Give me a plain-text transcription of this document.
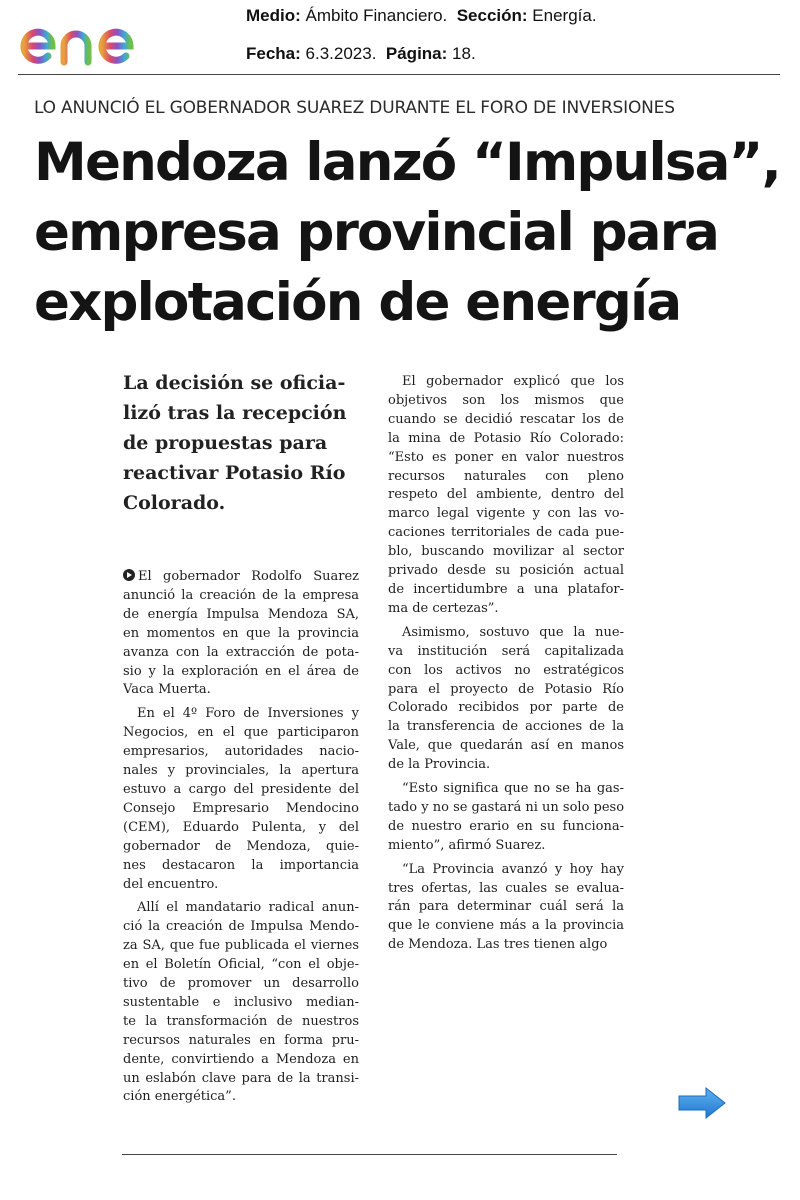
Medio: Ámbito Financiero. Sección: Energía.
Fecha: 6.3.2023. Página: 18.
LO ANUNCIÓ EL GOBERNADOR SUAREZ DURANTE EL FORO DE INVERSIONES
Mendoza lanzó “Impulsa”,
empresa provincial para
explotación de energía
La decisión se oficia-
lizó tras la recepción
de propuestas para
reactivar Potasio Río
Colorado.
El gobernador Rodolfo Suarez
anunció la creación de la empresa
de energía Impulsa Mendoza SA,
en momentos en que la provincia
avanza con la extracción de pota-
sio y la exploración en el área de
Vaca Muerta.
En el 4º Foro de Inversiones y
Negocios, en el que participaron
empresarios, autoridades nacio-
nales y provinciales, la apertura
estuvo a cargo del presidente del
Consejo Empresario Mendocino
(CEM), Eduardo Pulenta, y del
gobernador de Mendoza, quie-
nes destacaron la importancia
del encuentro.
Allí el mandatario radical anun-
ció la creación de Impulsa Mendo-
za SA, que fue publicada el viernes
en el Boletín Oficial, “con el obje-
tivo de promover un desarrollo
sustentable e inclusivo median-
te la transformación de nuestros
recursos naturales en forma pru-
dente, convirtiendo a Mendoza en
un eslabón clave para de la transi-
ción energética”.
El gobernador explicó que los
objetivos son los mismos que
cuando se decidió rescatar los de
la mina de Potasio Río Colorado:
“Esto es poner en valor nuestros
recursos naturales con pleno
respeto del ambiente, dentro del
marco legal vigente y con las vo-
caciones territoriales de cada pue-
blo, buscando movilizar al sector
privado desde su posición actual
de incertidumbre a una platafor-
ma de certezas”.
Asimismo, sostuvo que la nue-
va institución será capitalizada
con los activos no estratégicos
para el proyecto de Potasio Río
Colorado recibidos por parte de
la transferencia de acciones de la
Vale, que quedarán así en manos
de la Provincia.
“Esto significa que no se ha gas-
tado y no se gastará ni un solo peso
de nuestro erario en su funciona-
miento”, afirmó Suarez.
“La Provincia avanzó y hoy hay
tres ofertas, las cuales se evalua-
rán para determinar cuál será la
que le conviene más a la provincia
de Mendoza. Las tres tienen algo
